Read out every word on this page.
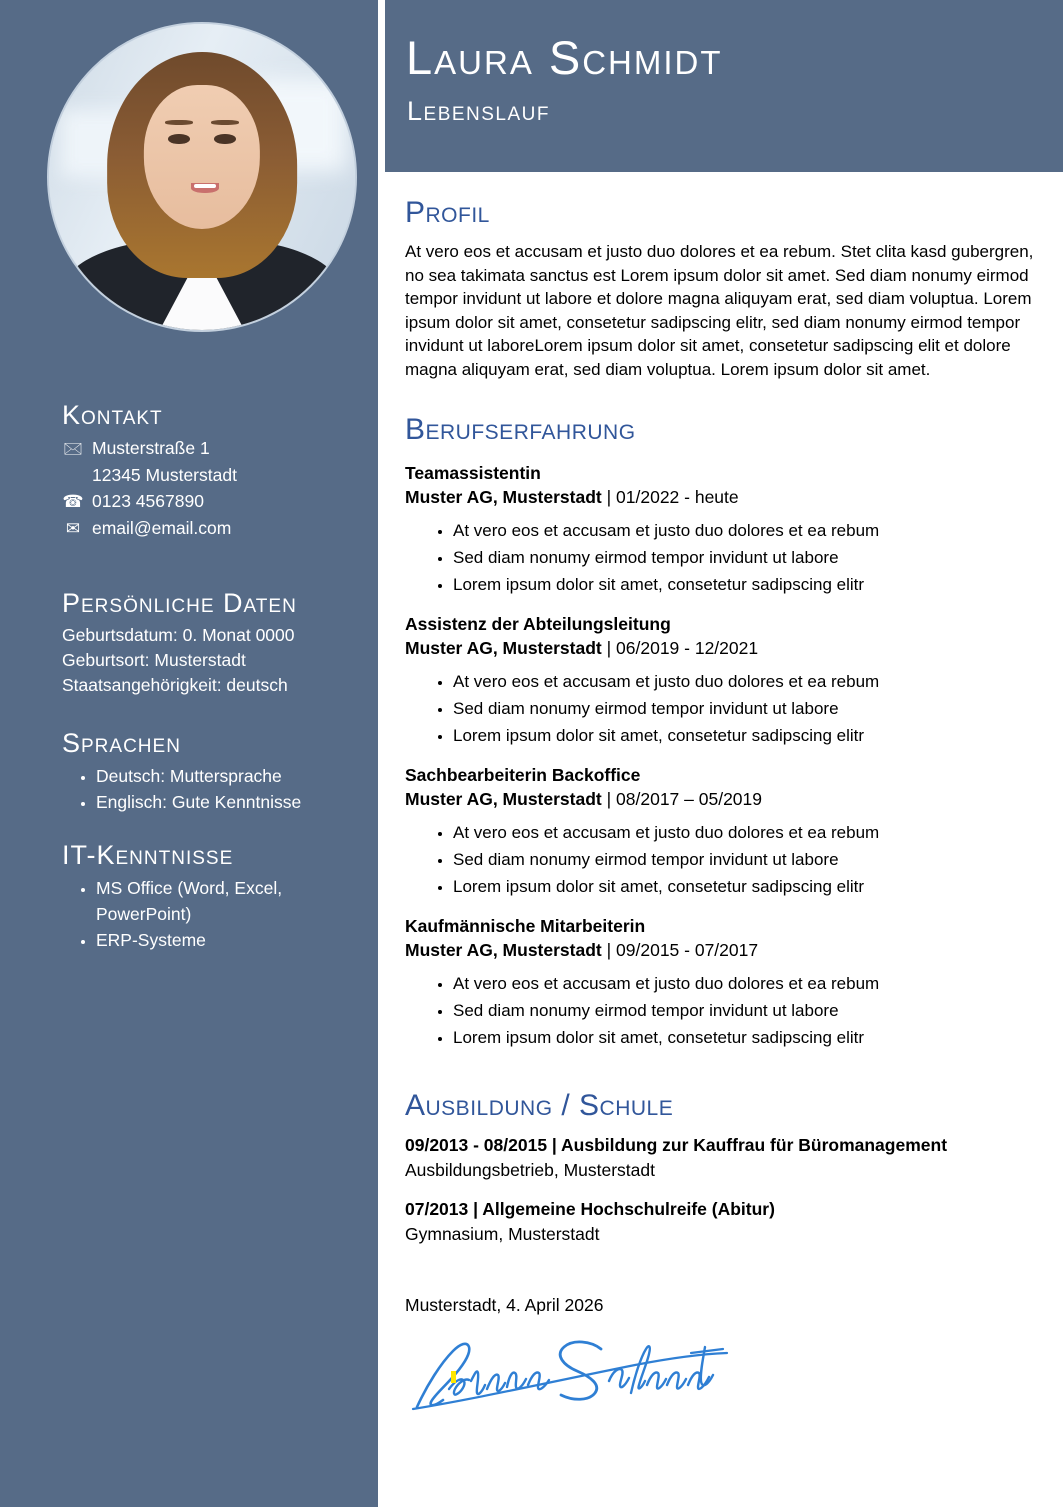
Kontakt
🖂 Musterstraße 1
12345 Musterstadt
☎ 0123 4567890
✉ email@email.com
Persönliche Daten
Geburtsdatum: 0. Monat 0000
Geburtsort: Musterstadt
Staatsangehörigkeit: deutsch
Sprachen
• Deutsch: Muttersprache
• Englisch: Gute Kenntnisse
IT-Kenntnisse
• MS Office (Word, Excel, PowerPoint)
• ERP-Systeme
Laura Schmidt
Lebenslauf
Profil

At vero eos et accusam et justo duo dolores et ea rebum. Stet clita kasd gubergren, no sea takimata sanctus est Lorem ipsum dolor sit amet. Sed diam nonumy eirmod tempor invidunt ut labore et dolore magna aliquyam erat, sed diam voluptua. Lorem ipsum dolor sit amet, consetetur sadipscing elitr, sed diam nonumy eirmod tempor invidunt ut laboreLorem ipsum dolor sit amet, consetetur sadipscing elit et dolore magna aliquyam erat, sed diam voluptua. Lorem ipsum dolor sit amet.

Berufserfahrung
Teamassistentin
Muster AG, Musterstadt | 01/2022 - heute
• At vero eos et accusam et justo duo dolores et ea rebum
• Sed diam nonumy eirmod tempor invidunt ut labore
• Lorem ipsum dolor sit amet, consetetur sadipscing elitr
Assistenz der Abteilungsleitung
Muster AG, Musterstadt | 06/2019 - 12/2021
• At vero eos et accusam et justo duo dolores et ea rebum
• Sed diam nonumy eirmod tempor invidunt ut labore
• Lorem ipsum dolor sit amet, consetetur sadipscing elitr
Sachbearbeiterin Backoffice
Muster AG, Musterstadt | 08/2017 – 05/2019
• At vero eos et accusam et justo duo dolores et ea rebum
• Sed diam nonumy eirmod tempor invidunt ut labore
• Lorem ipsum dolor sit amet, consetetur sadipscing elitr
Kaufmännische Mitarbeiterin
Muster AG, Musterstadt | 09/2015 - 07/2017
• At vero eos et accusam et justo duo dolores et ea rebum
• Sed diam nonumy eirmod tempor invidunt ut labore
• Lorem ipsum dolor sit amet, consetetur sadipscing elitr
Ausbildung / Schule
09/2013 - 08/2015 | Ausbildung zur Kauffrau für Büromanagement
Ausbildungsbetrieb, Musterstadt
07/2013 | Allgemeine Hochschulreife (Abitur)
Gymnasium, Musterstadt
Musterstadt, 4. April 2026
